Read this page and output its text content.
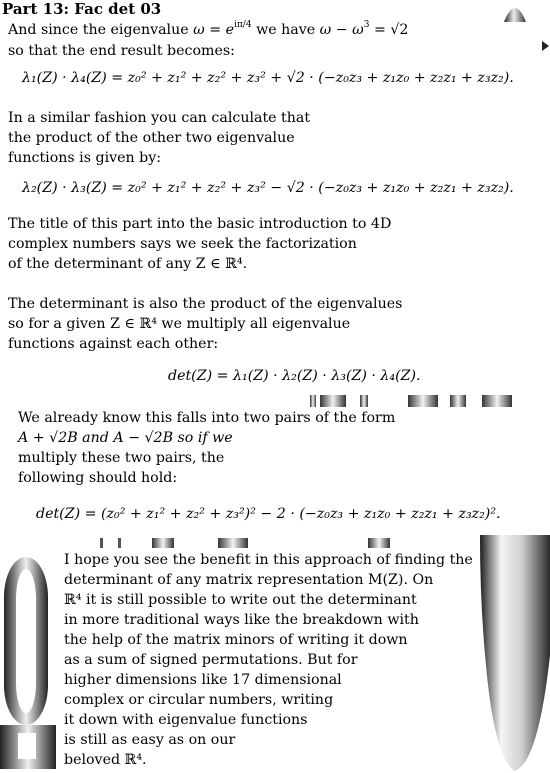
Part 13: Fac det 03
And since the eigenvalue $\omega = e^{i\pi/4}$ we have $\omega - \omega^3 = √2$
so that the end result becomes:
λ₁(Z) · λ₄(Z) = z₀² + z₁² + z₂² + z₃² + √2 · (−z₀z₃ + z₁z₀ + z₂z₁ + z₃z₂).
In a similar fashion you can calculate that
the product of the other two eigenvalue
functions is given by:
λ₂(Z) · λ₃(Z) = z₀² + z₁² + z₂² + z₃² − √2 · (−z₀z₃ + z₁z₀ + z₂z₁ + z₃z₂).
The title of this part into the basic introduction to 4D
complex numbers says we seek the factorization
of the determinant of any Z ∈ ℝ⁴.
The determinant is also the product of the eigenvalues
so for a given Z ∈ ℝ⁴ we multiply all eigenvalue
functions against each other:
det(Z) = λ₁(Z) · λ₂(Z) · λ₃(Z) · λ₄(Z).
We already know this falls into two pairs of the form
A + √2B and A − √2B so if we
multiply these two pairs, the
following should hold:
det(Z) = (z₀² + z₁² + z₂² + z₃²)² − 2 · (−z₀z₃ + z₁z₀ + z₂z₁ + z₃z₂)².
I hope you see the benefit in this approach of finding the
determinant of any matrix representation M(Z). On
ℝ⁴ it is still possible to write out the determinant
in more traditional ways like the breakdown with
the help of the matrix minors of writing it down
as a sum of signed permutations. But for
higher dimensions like 17 dimensional
complex or circular numbers, writing
it down with eigenvalue functions
is still as easy as on our
beloved ℝ⁴.
